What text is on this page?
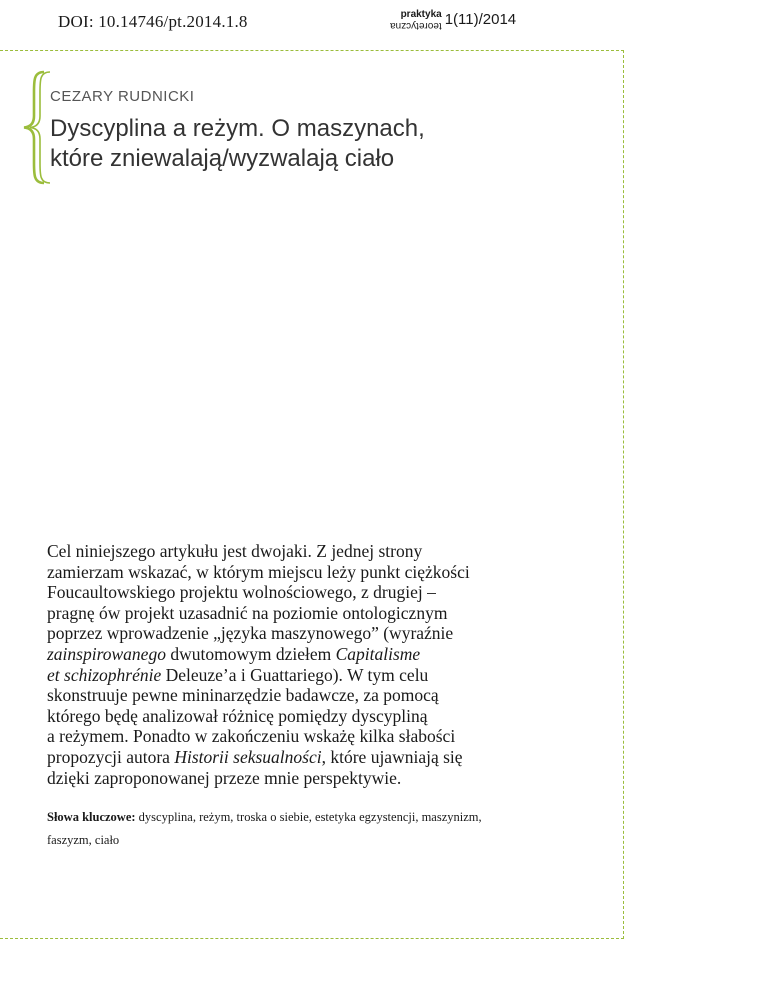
DOI: 10.14746/pt.2014.1.8	praktyka
teoretyczna 1(11)/2014
CEZARY RUDNICKI
Dyscyplina a reżym. O maszynach,
które zniewalają/wyzwalają ciało

Cel niniejszego artykułu jest dwojaki. Z jednej strony

zamierzam wskazać, w którym miejscu leży punkt ciężkości

Foucaultowskiego projektu wolnościowego, z drugiej –

pragnę ów projekt uzasadnić na poziomie ontologicznym

poprzez wprowadzenie „języka maszynowego” (wyraźnie

zainspirowanego dwutomowym dziełem Capitalisme

et schizophrénie Deleuze’a i Guattariego). W tym celu

skonstruuje pewne mininarzędzie badawcze, za pomocą

którego będę analizował różnicę pomiędzy dyscypliną

a reżymem. Ponadto w zakończeniu wskażę kilka słabości

propozycji autora Historii seksualności, które ujawniają się

dzięki zaproponowanej przeze mnie perspektywie.

Słowa kluczowe: dyscyplina, reżym, troska o siebie, estetyka egzystencji, maszynizm,
faszyzm, ciało
